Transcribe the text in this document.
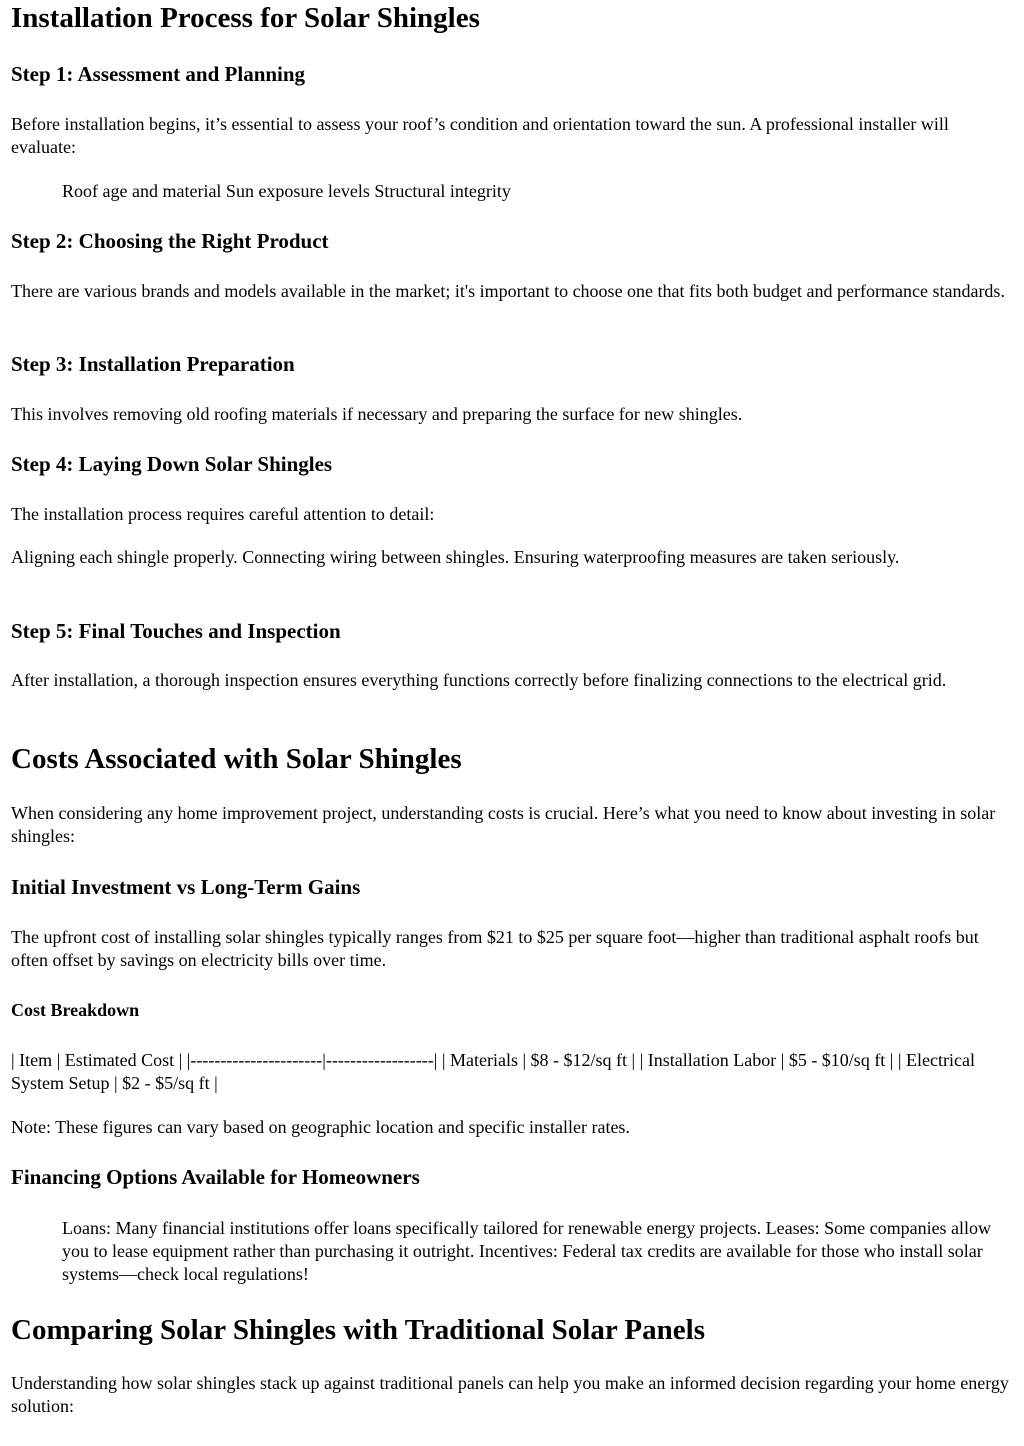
Installation Process for Solar Shingles
Step 1: Assessment and Planning

Before installation begins, it’s essential to assess your roof’s condition and orientation toward the sun. A professional installer will evaluate:

Roof age and material Sun exposure levels Structural integrity

Step 2: Choosing the Right Product

There are various brands and models available in the market; it's important to choose one that fits both budget and performance standards.

Step 3: Installation Preparation

This involves removing old roofing materials if necessary and preparing the surface for new shingles.

Step 4: Laying Down Solar Shingles

The installation process requires careful attention to detail:

Aligning each shingle properly. Connecting wiring between shingles. Ensuring waterproofing measures are taken seriously.

Step 5: Final Touches and Inspection

After installation, a thorough inspection ensures everything functions correctly before finalizing connections to the electrical grid.

Costs Associated with Solar Shingles

When considering any home improvement project, understanding costs is crucial. Here’s what you need to know about investing in solar shingles:

Initial Investment vs Long-Term Gains

The upfront cost of installing solar shingles typically ranges from $21 to $25 per square foot—higher than traditional asphalt roofs but often offset by savings on electricity bills over time.

Cost Breakdown

| Item | Estimated Cost | |----------------------|------------------| | Materials | $8 - $12/sq ft | | Installation Labor | $5 - $10/sq ft | | Electrical System Setup | $2 - $5/sq ft |

Note: These figures can vary based on geographic location and specific installer rates.

Financing Options Available for Homeowners

Loans: Many financial institutions offer loans specifically tailored for renewable energy projects. Leases: Some companies allow you to lease equipment rather than purchasing it outright. Incentives: Federal tax credits are available for those who install solar systems—check local regulations!

Comparing Solar Shingles with Traditional Solar Panels

Understanding how solar shingles stack up against traditional panels can help you make an informed decision regarding your home energy solution:
